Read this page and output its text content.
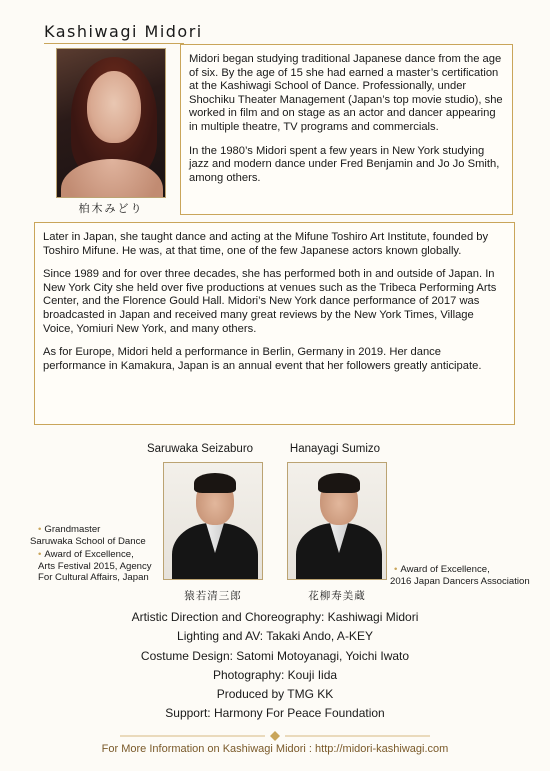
Kashiwagi Midori
柏木みどり

Midori began studying traditional Japanese dance from the age of six. By the age of 15 she had earned a master’s certification at the Kashiwagi School of Dance. Professionally, under Shochiku Theater Management (Japan’s top movie studio), she worked in film and on stage as an actor and dancer appearing in multiple theatre, TV programs and commercials.

In the 1980’s Midori spent a few years in New York studying jazz and modern dance under Fred Benjamin and Jo Jo Smith, among others.

Later in Japan, she taught dance and acting at the Mifune Toshiro Art Institute, founded by Toshiro Mifune. He was, at that time, one of the few Japanese actors known globally.

Since 1989 and for over three decades, she has performed both in and outside of Japan. In New York City she held over five productions at venues such as the Tribeca Performing Arts Center, and the Florence Gould Hall. Midori’s New York dance performance of 2017 was broadcasted in Japan and received many great reviews by the New York Times, Village Voice, Yomiuri New York, and many others.

As for Europe, Midori held a performance in Berlin, Germany in 2019. Her dance performance in Kamakura, Japan is an annual event that her followers greatly anticipate.

Saruwaka Seizaburo
猿若清三郎
Hanayagi Sumizo
花柳寿美蔵
• Grandmaster
Saruwaka School of Dance
• Award of Excellence,
Arts Festival 2015, Agency
For Cultural Affairs, Japan
• Award of Excellence,
2016 Japan Dancers Association
Artistic Direction and Choreography: Kashiwagi Midori
Lighting and AV: Takaki Ando, A-KEY
Costume Design: Satomi Motoyanagi, Yoichi Iwato
Photography: Kouji Iida
Produced by TMG KK
Support: Harmony For Peace Foundation
For More Information on Kashiwagi Midori : http://midori-kashiwagi.com
